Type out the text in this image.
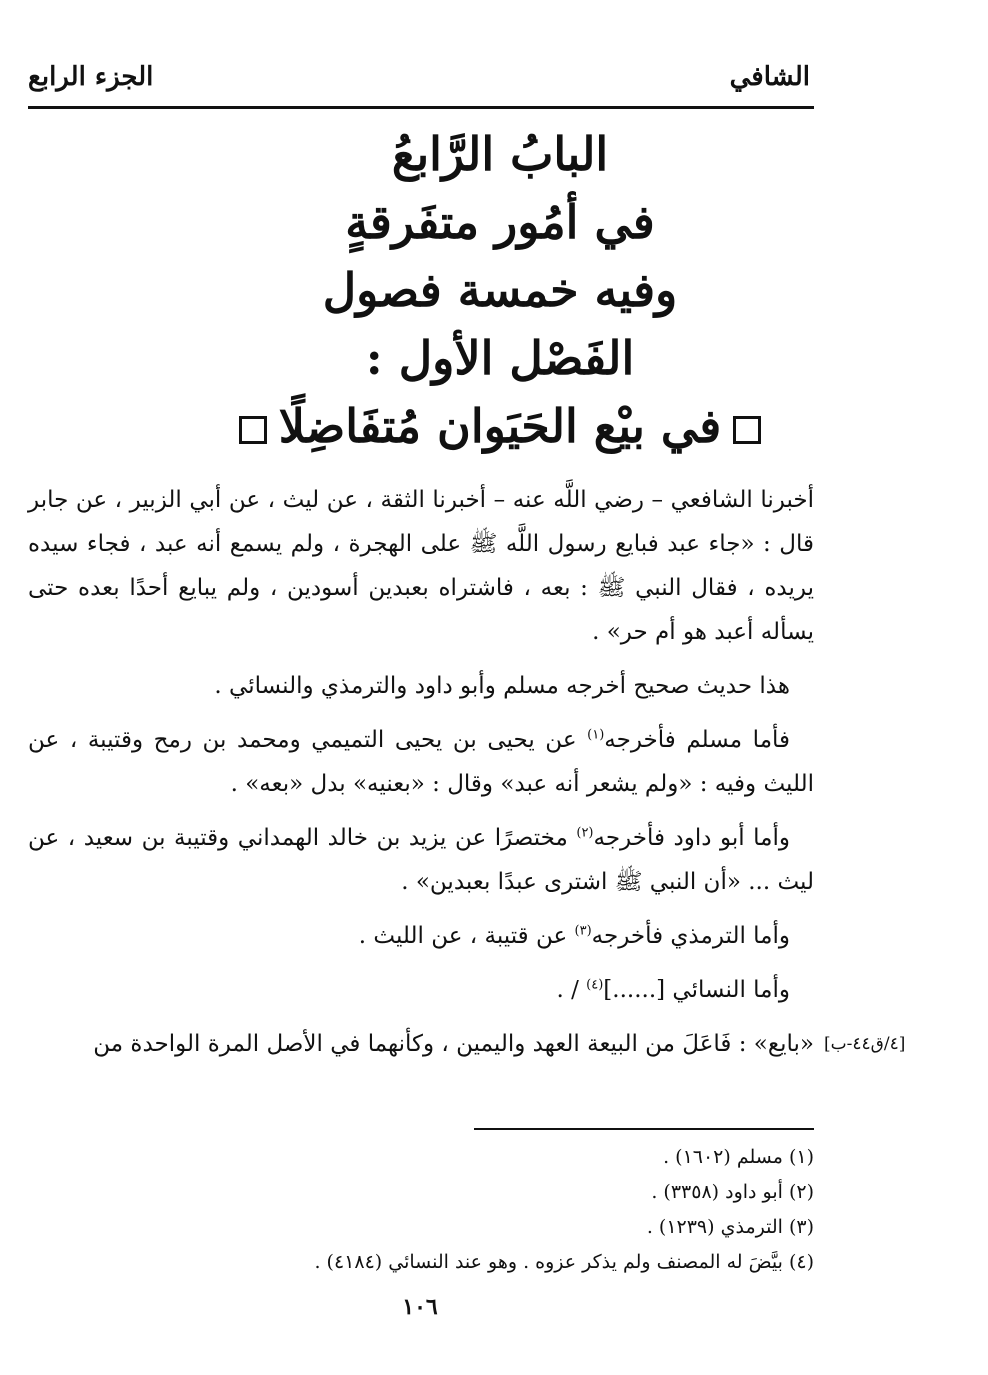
الشافي
الجزء الرابع

البابُ الرَّابعُ

في أمُور متفَرقةٍ

وفيه خمسة فصول

الفَصْل الأول :

في بيْع الحَيَوان مُتفَاضِلًا

أخبرنا الشافعي – رضي اللَّه عنه – أخبرنا الثقة ، عن ليث ، عن أبي الزبير ، عن جابر قال : «جاء عبد فبايع رسول اللَّه ﷺ على الهجرة ، ولم يسمع أنه عبد ، فجاء سيده يريده ، فقال النبي ﷺ : بعه ، فاشتراه بعبدين أسودين ، ولم يبايع أحدًا بعده حتى يسأله أعبد هو أم حر» .

هذا حديث صحيح أخرجه مسلم وأبو داود والترمذي والنسائي .

فأما مسلم فأخرجه$^{(١)}$ عن يحيى بن يحيى التميمي ومحمد بن رمح وقتيبة ، عن الليث وفيه : «ولم يشعر أنه عبد» وقال : «بعنيه» بدل «بعه» .

وأما أبو داود فأخرجه$^{(٢)}$ مختصرًا عن يزيد بن خالد الهمداني وقتيبة بن سعيد ، عن ليث ... «أن النبي ﷺ اشترى عبدًا بعبدين» .

وأما الترمذي فأخرجه$^{(٣)}$ عن قتيبة ، عن الليث .

وأما النسائي [......]$^{(٤)}$ / .

«بايع» : فَاعَلَ من البيعة العهد واليمين ، وكأنهما في الأصل المرة الواحدة من [٤/ق٤٤-ب]
(١) مسلم (١٦٠٢) .
(٢) أبو داود (٣٣٥٨) .
(٣) الترمذي (١٢٣٩) .
(٤) بيَّضَ له المصنف ولم يذكر عزوه . وهو عند النسائي (٤١٨٤) .
١٠٦
